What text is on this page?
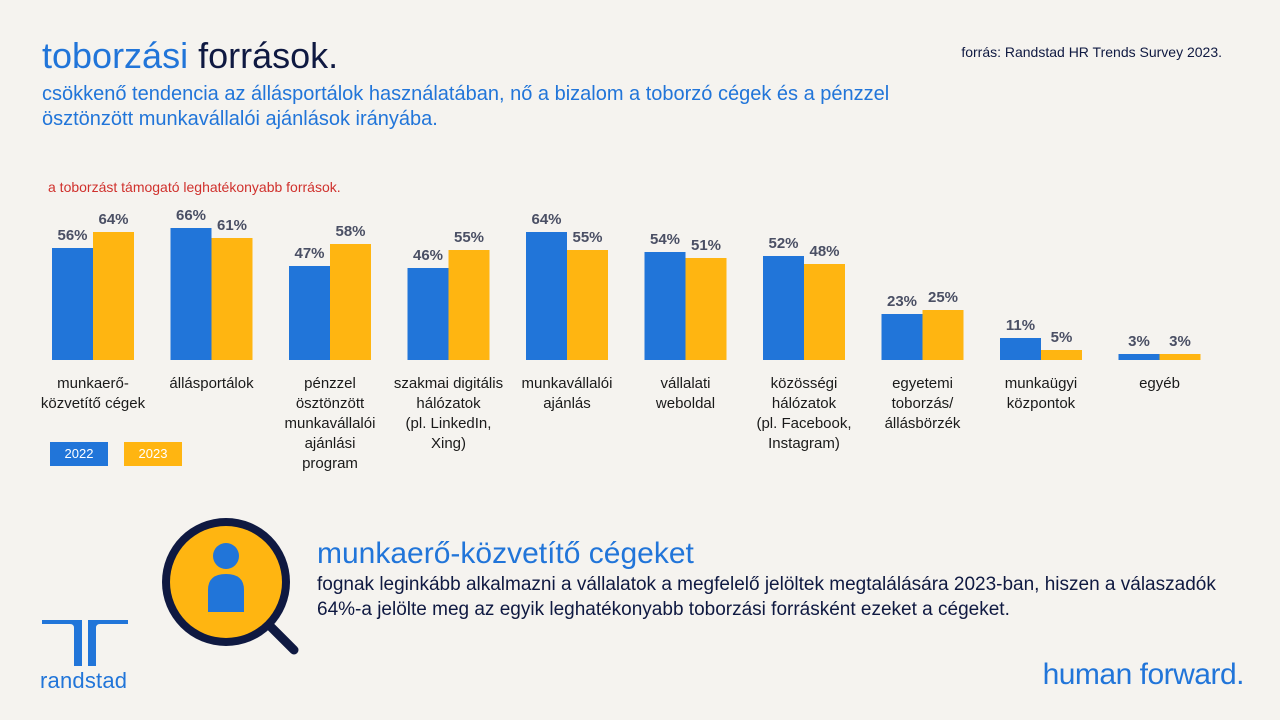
toborzási források.	forrás: Randstad HR Trends Survey 2023.
csökkenő tendencia az állásportálok használatában, nő a bizalom a toborzó cégek és a pénzzel ösztönzött munkavállalói ajánlások irányába.
a toborzást támogató leghatékonyabb források.
56%
64%	66%
61%
47%
58%
46%
55%
64%
55%	54% 51%	52% 48%
23% 25%
11%
5%	3% 3%
munkaerő-
közvetítő cégek
állásportálok	pénzzel
ösztönzött
munkavállalói
ajánlási
program
szakmai digitális
hálózatok
(pl. LinkedIn,
Xing)
munkavállalói
ajánlás
vállalati
weboldal
közösségi
hálózatok
(pl. Facebook,
Instagram)
egyetemi
toborzás/
állásbörzék
munkaügyi
központok
egyéb
2022	2023
munkaerő-közvetítő cégeket
fognak leginkább alkalmazni a vállalatok a megfelelő jelöltek megtalálására 2023-ban, hiszen a válaszadók 64%-a jelölte meg az egyik leghatékonyabb toborzási forrásként ezeket a cégeket.
randstad	human forward.
